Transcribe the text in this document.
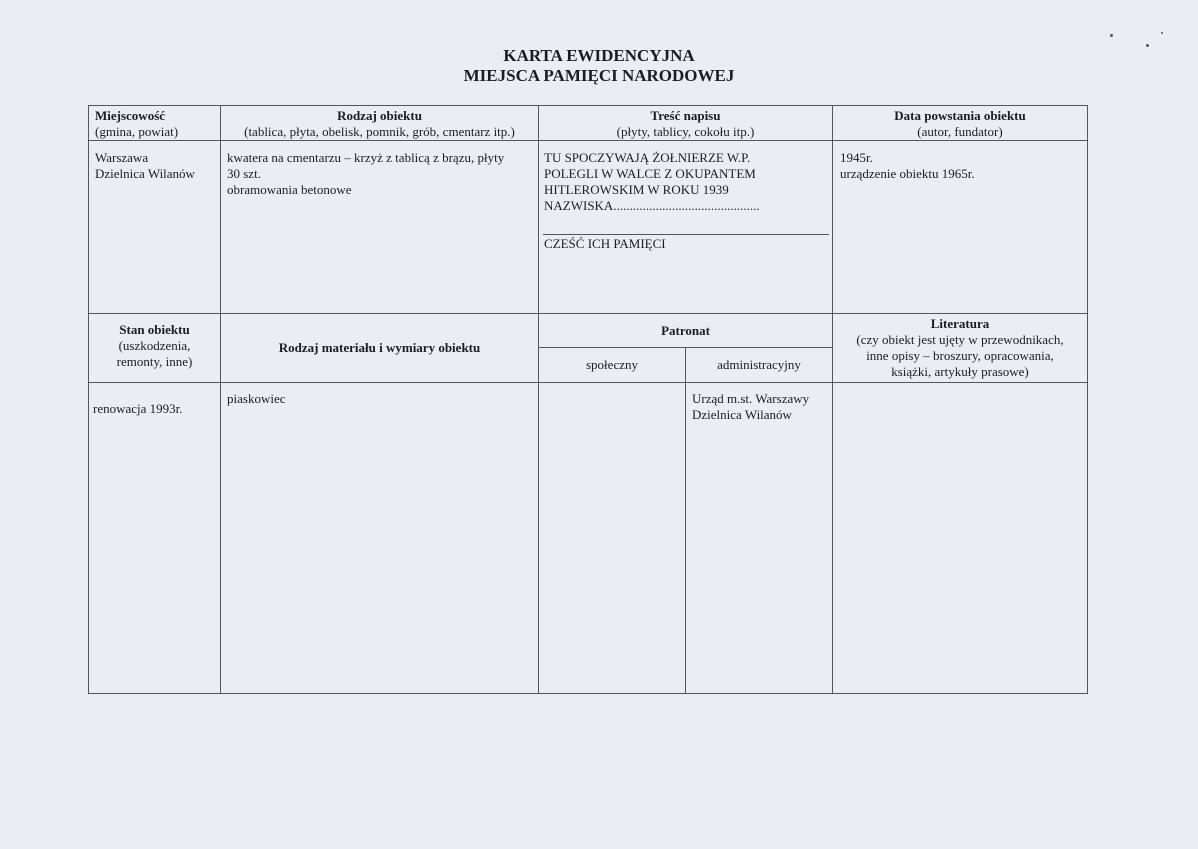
KARTA EWIDENCYJNA
MIEJSCA PAMIĘCI NARODOWEJ
Miejscowość
(gmina, powiat)
Rodzaj obiektu
(tablica, płyta, obelisk, pomnik, grób, cmentarz itp.)
Treść napisu
(płyty, tablicy, cokołu itp.)
Data powstania obiektu
(autor, fundator)
Warszawa
Dzielnica Wilanów
kwatera na cmentarzu – krzyż z tablicą z brązu, płyty
30 szt.
obramowania betonowe
TU SPOCZYWAJĄ ŻOŁNIERZE W.P.
POLEGLI W WALCE Z OKUPANTEM
HITLEROWSKIM W ROKU 1939
NAZWISKA.............................................
CZEŚĆ ICH PAMIĘCI
1945r.
urządzenie obiektu 1965r.
Stan obiektu
(uszkodzenia,
remonty, inne)
Rodzaj materiału i wymiary obiektu
Patronat
społeczny	administracyjny
Literatura
(czy obiekt jest ujęty w przewodnikach,
inne opisy – broszury, opracowania,
książki, artykuły prasowe)
renowacja 1993r.
piaskowiec	Urząd m.st. Warszawy
Dzielnica Wilanów
